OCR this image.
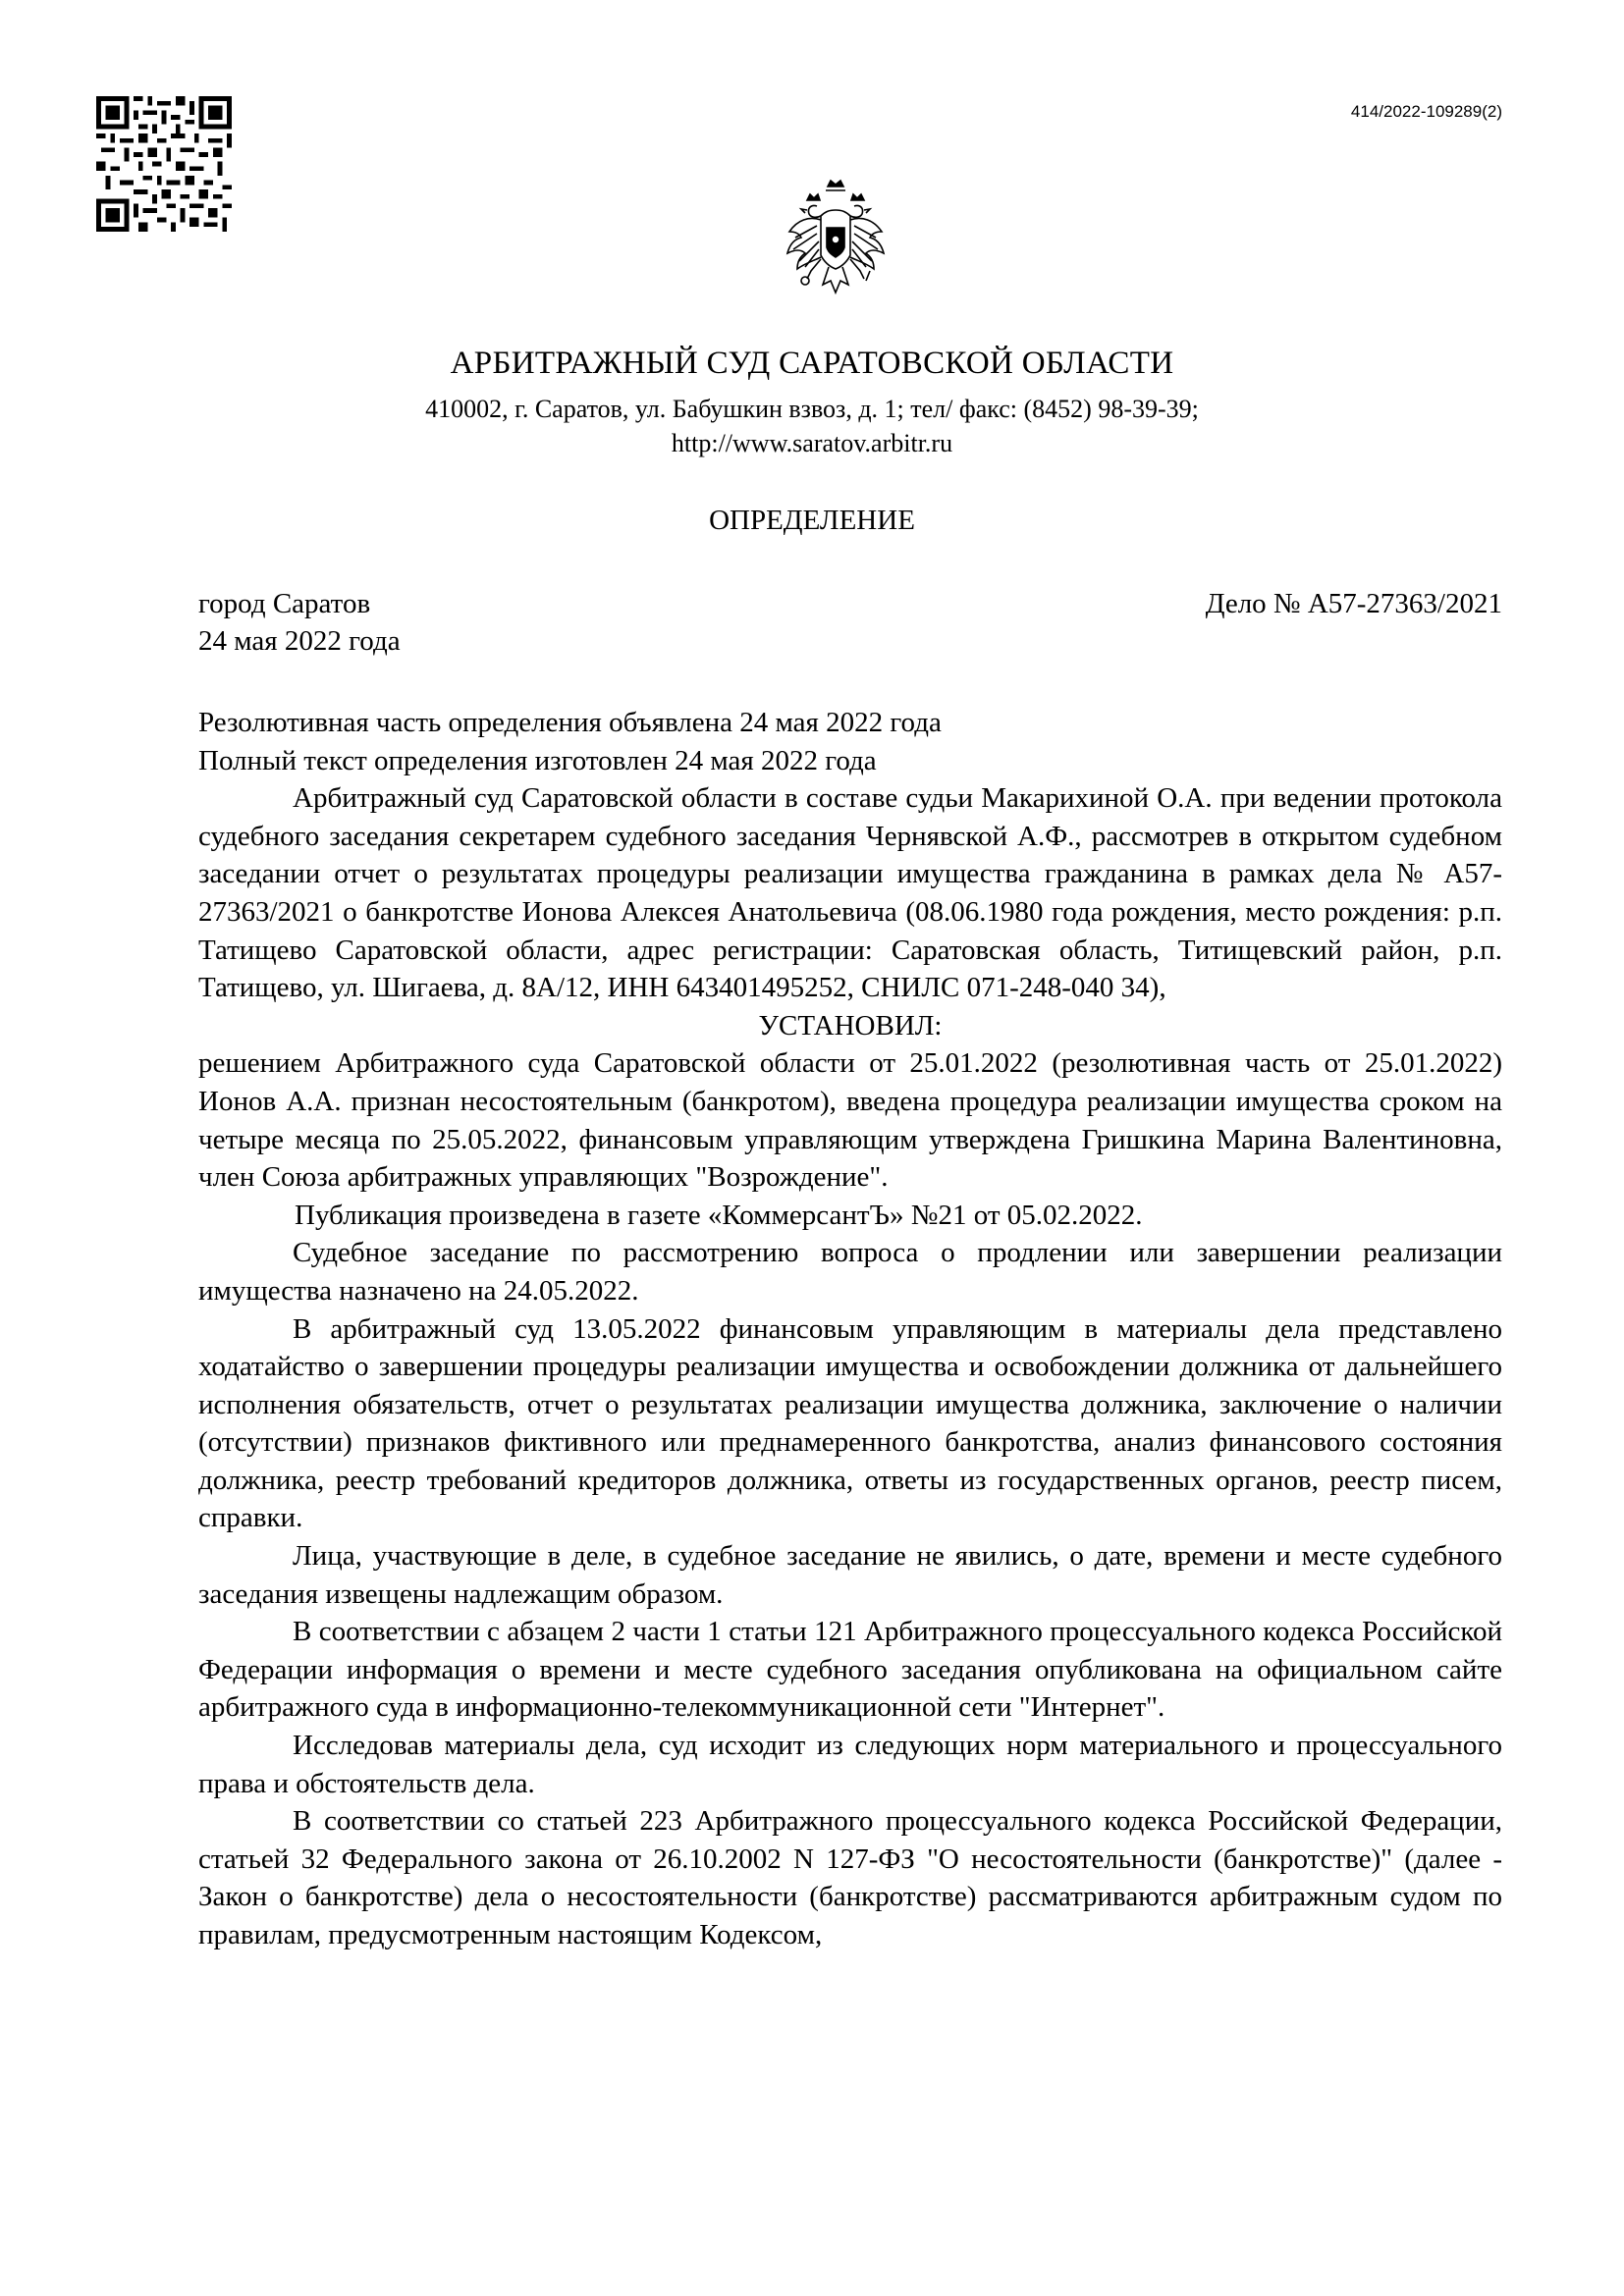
414/2022-109289(2)
АРБИТРАЖНЫЙ СУД САРАТОВСКОЙ ОБЛАСТИ
410002, г. Саратов, ул. Бабушкин взвоз, д. 1; тел/ факс: (8452) 98-39-39;
http://www.saratov.arbitr.ru
ОПРЕДЕЛЕНИЕ
город Саратов
24 мая 2022 года
Дело № А57-27363/2021

Резолютивная часть определения объявлена 24 мая 2022 года

Полный текст определения изготовлен 24 мая 2022 года

Арбитражный суд Саратовской области в составе судьи Макарихиной О.А. при ведении протокола судебного заседания секретарем судебного заседания Чернявской А.Ф., рассмотрев в открытом судебном заседании отчет о результатах процедуры реализации имущества гражданина в рамках дела № А57-27363/2021 о банкротстве Ионова Алексея Анатольевича (08.06.1980 года рождения, место рождения: р.п. Татищево Саратовской области, адрес регистрации: Саратовская область, Титищевский район, р.п. Татищево, ул. Шигаева, д. 8А/12, ИНН 643401495252, СНИЛС 071-248-040 34),

УСТАНОВИЛ:

решением Арбитражного суда Саратовской области от 25.01.2022 (резолютивная часть от 25.01.2022) Ионов А.А. признан несостоятельным (банкротом), введена процедура реализации имущества сроком на четыре месяца по 25.05.2022, финансовым управляющим утверждена Гришкина Марина Валентиновна, член Союза арбитражных управляющих "Возрождение".

Публикация произведена в газете «КоммерсантЪ» №21 от 05.02.2022.

Судебное заседание по рассмотрению вопроса о продлении или завершении реализации имущества назначено на 24.05.2022.

В арбитражный суд 13.05.2022 финансовым управляющим в материалы дела представлено ходатайство о завершении процедуры реализации имущества и освобождении должника от дальнейшего исполнения обязательств, отчет о результатах реализации имущества должника, заключение о наличии (отсутствии) признаков фиктивного или преднамеренного банкротства, анализ финансового состояния должника, реестр требований кредиторов должника, ответы из государственных органов, реестр писем, справки.

Лица, участвующие в деле, в судебное заседание не явились, о дате, времени и месте судебного заседания извещены надлежащим образом.

В соответствии с абзацем 2 части 1 статьи 121 Арбитражного процессуального кодекса Российской Федерации информация о времени и месте судебного заседания опубликована на официальном сайте арбитражного суда в информационно-телекоммуникационной сети "Интернет".

Исследовав материалы дела, суд исходит из следующих норм материального и процессуального права и обстоятельств дела.

В соответствии со статьей 223 Арбитражного процессуального кодекса Российской Федерации, статьей 32 Федерального закона от 26.10.2002 N 127-ФЗ "О несостоятельности (банкротстве)" (далее - Закон о банкротстве) дела о несостоятельности (банкротстве) рассматриваются арбитражным судом по правилам, предусмотренным настоящим Кодексом,
